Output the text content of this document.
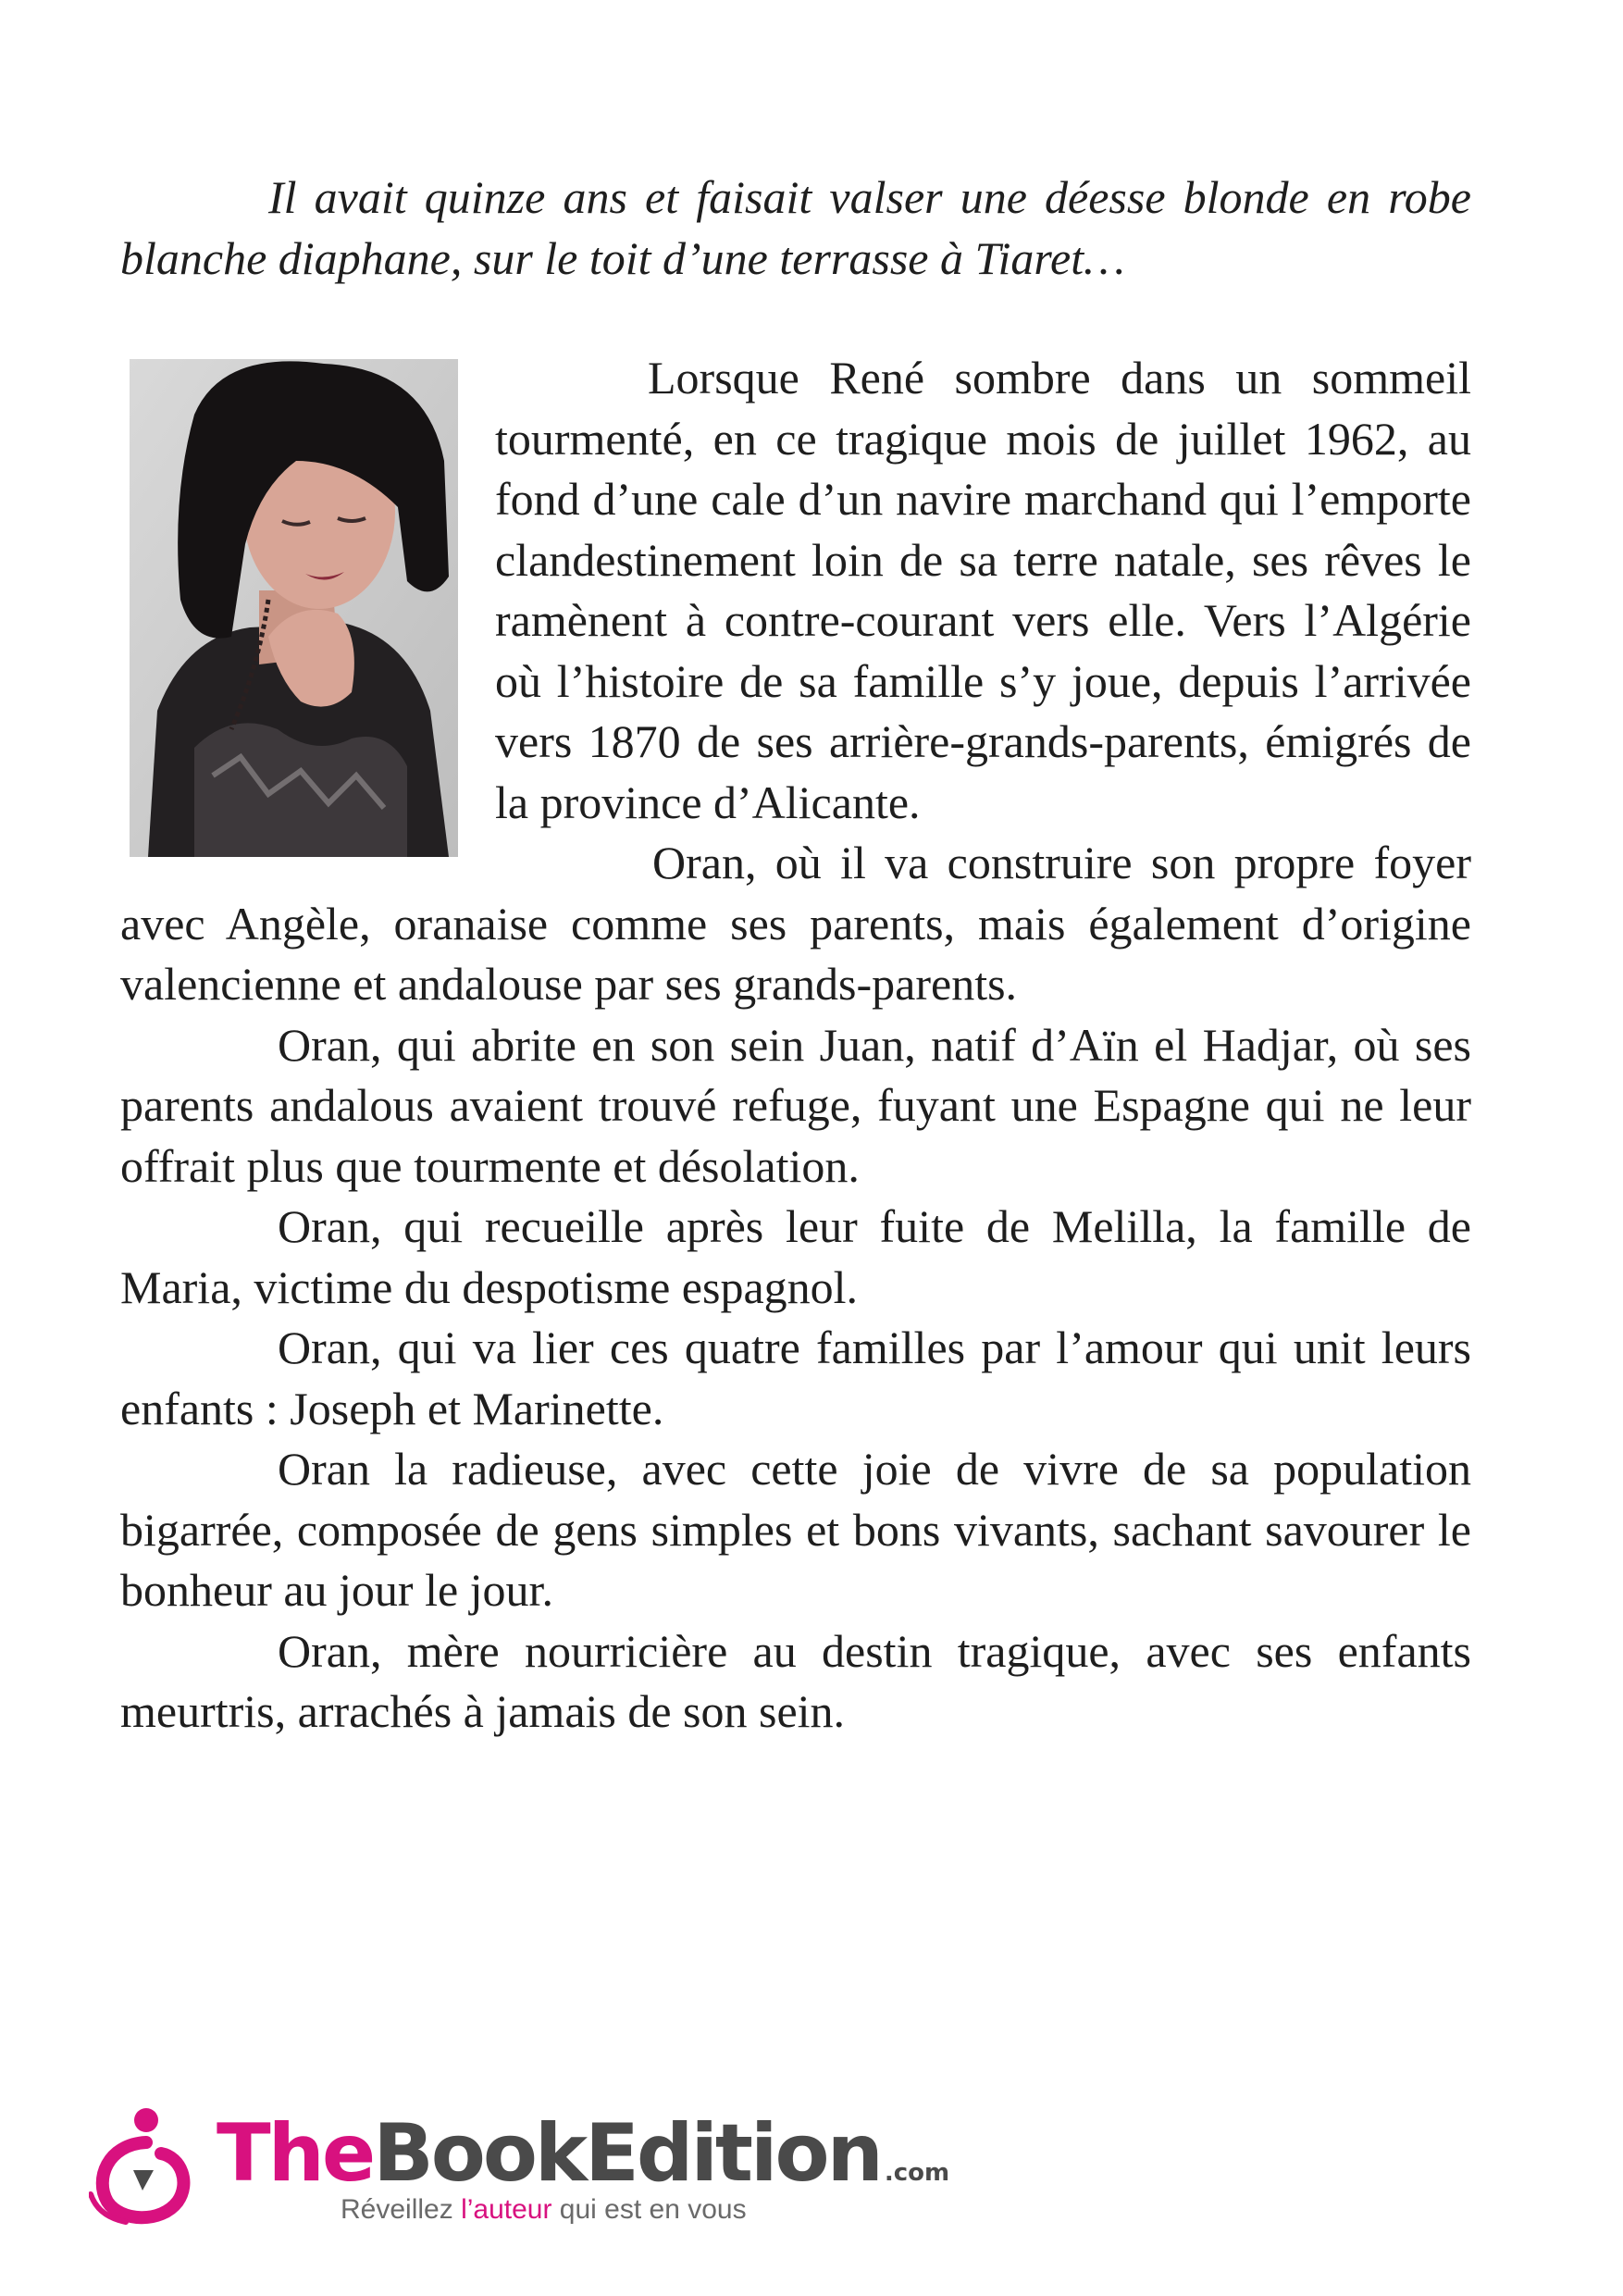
Il avait quinze ans et faisait valser une déesse blonde en robe blanche diaphane, sur le toit d’une terrasse à Tiaret…

Lorsque René sombre dans un sommeil tourmenté, en ce tragique mois de juillet 1962, au fond d’une cale d’un navire marchand qui l’emporte clandestinement loin de sa terre natale, ses rêves le ramènent à contre-courant vers elle. Vers l’Algérie où l’histoire de sa famille s’y joue, depuis l’arrivée vers 1870 de ses arrière-grands-parents, émigrés de la province d’Alicante.

Oran, où il va construire son propre foyer avec Angèle, oranaise comme ses parents, mais également d’origine valencienne et andalouse par ses grands-parents.

Oran, qui abrite en son sein Juan, natif d’Aïn el Hadjar, où ses parents andalous avaient trouvé refuge, fuyant une Espagne qui ne leur offrait plus que tourmente et désolation.

Oran, qui recueille après leur fuite de Melilla, la famille de Maria, victime du despotisme espagnol.

Oran, qui va lier ces quatre familles par l’amour qui unit leurs enfants : Joseph et Marinette.

Oran la radieuse, avec cette joie de vivre de sa population bigarrée, composée de gens simples et bons vivants, sachant savourer le bonheur au jour le jour.

Oran, mère nourricière au destin tragique, avec ses enfants meurtris, arrachés à jamais de son sein.

TheBookEdition .com
Réveillez l’auteur qui est en vous
